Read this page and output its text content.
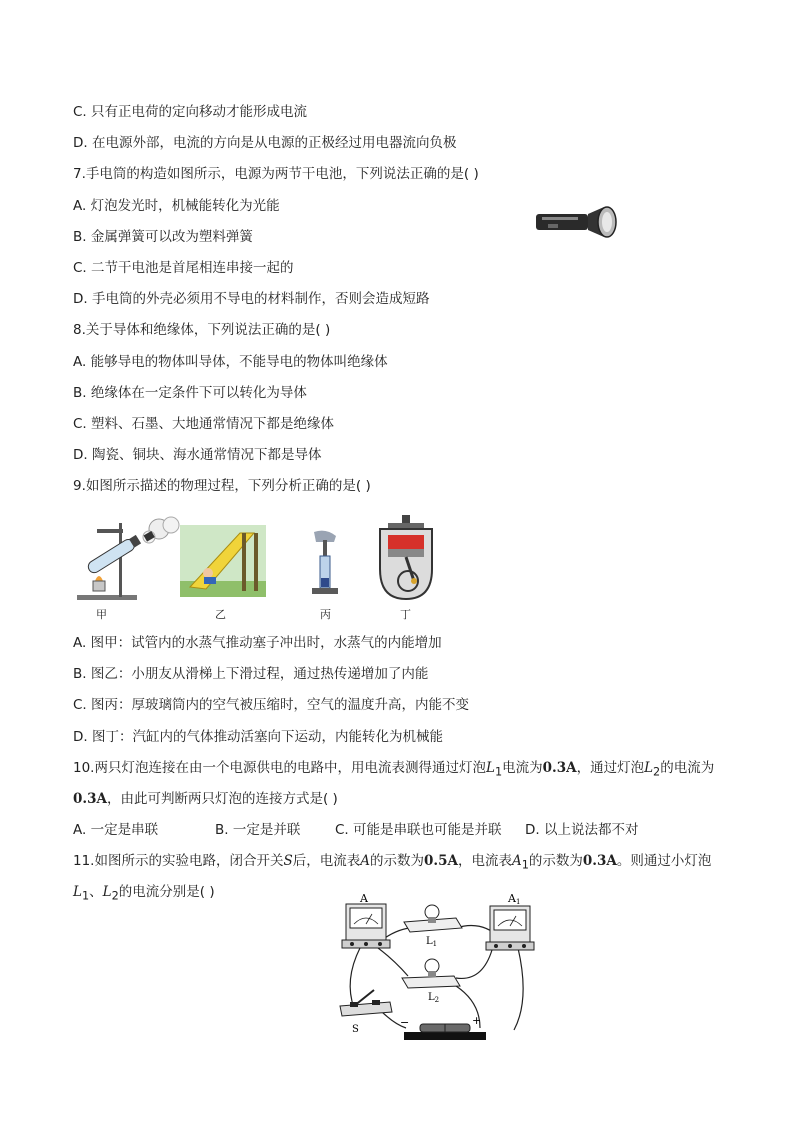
C. 只有正电荷的定向移动才能形成电流
D. 在电源外部，电流的方向是从电源的正极经过用电器流向负极
7.手电筒的构造如图所示，电源为两节干电池，下列说法正确的是( )
A. 灯泡发光时，机械能转化为光能
B. 金属弹簧可以改为塑料弹簧
C. 二节干电池是首尾相连串接一起的
D. 手电筒的外壳必须用不导电的材料制作，否则会造成短路
8.关于导体和绝缘体，下列说法正确的是( )
A. 能够导电的物体叫导体，不能导电的物体叫绝缘体
B. 绝缘体在一定条件下可以转化为导体
C. 塑料、石墨、大地通常情况下都是绝缘体
D. 陶瓷、铜块、海水通常情况下都是导体
9.如图所示描述的物理过程，下列分析正确的是( )
甲	乙	丙	丁
A. 图甲：试管内的水蒸气推动塞子冲出时，水蒸气的内能增加
B. 图乙：小朋友从滑梯上下滑过程，通过热传递增加了内能
C. 图丙：厚玻璃筒内的空气被压缩时，空气的温度升高，内能不变
D. 图丁：汽缸内的气体推动活塞向下运动，内能转化为机械能
10.两只灯泡连接在由一个电源供电的电路中，用电流表测得通过灯泡$L_1$电流为0.3A，通过灯泡$L_2$的电流为
0.3A，由此可判断两只灯泡的连接方式是( )
A. 一定是串联	B. 一定是并联	C. 可能是串联也可能是并联 D. 以上说法都不对
11.如图所示的实验电路，闭合开关S后，电流表A的示数为0.5A，电流表$A_1$的示数为0.3A。则通过小灯泡
$L_1$、$L_2$的电流分别是( )	A	A1
$L_1$
$L_2$
S
−	+
